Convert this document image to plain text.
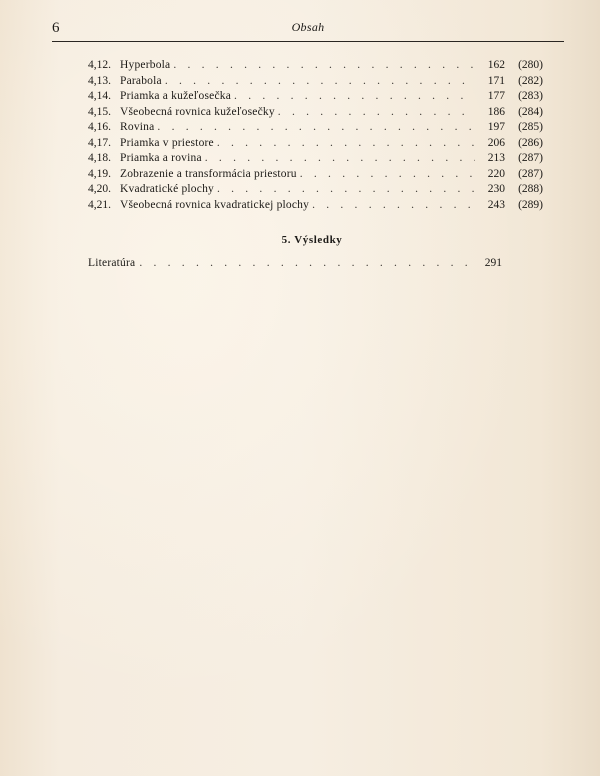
6	Obsah
4,12. Hyperbola . . .	162	(280)
4,13. Parabola . . .	171	(282)
4,14. Priamka a kužeľosečka . . .	177	(283)
4,15. Všeobecná rovnica kužeľosečky . . .	186	(284)
4,16. Rovina . . .	197	(285)
4,17. Priamka v priestore . . .	206	(286)
4,18. Priamka a rovina . . .	213	(287)
4,19. Zobrazenie a transformácia priestoru . . .	220	(287)
4,20. Kvadratické plochy . . .	230	(288)
4,21. Všeobecná rovnica kvadratickej plochy . . .	243	(289)
5. Výsledky
Literatúra . . .	291
